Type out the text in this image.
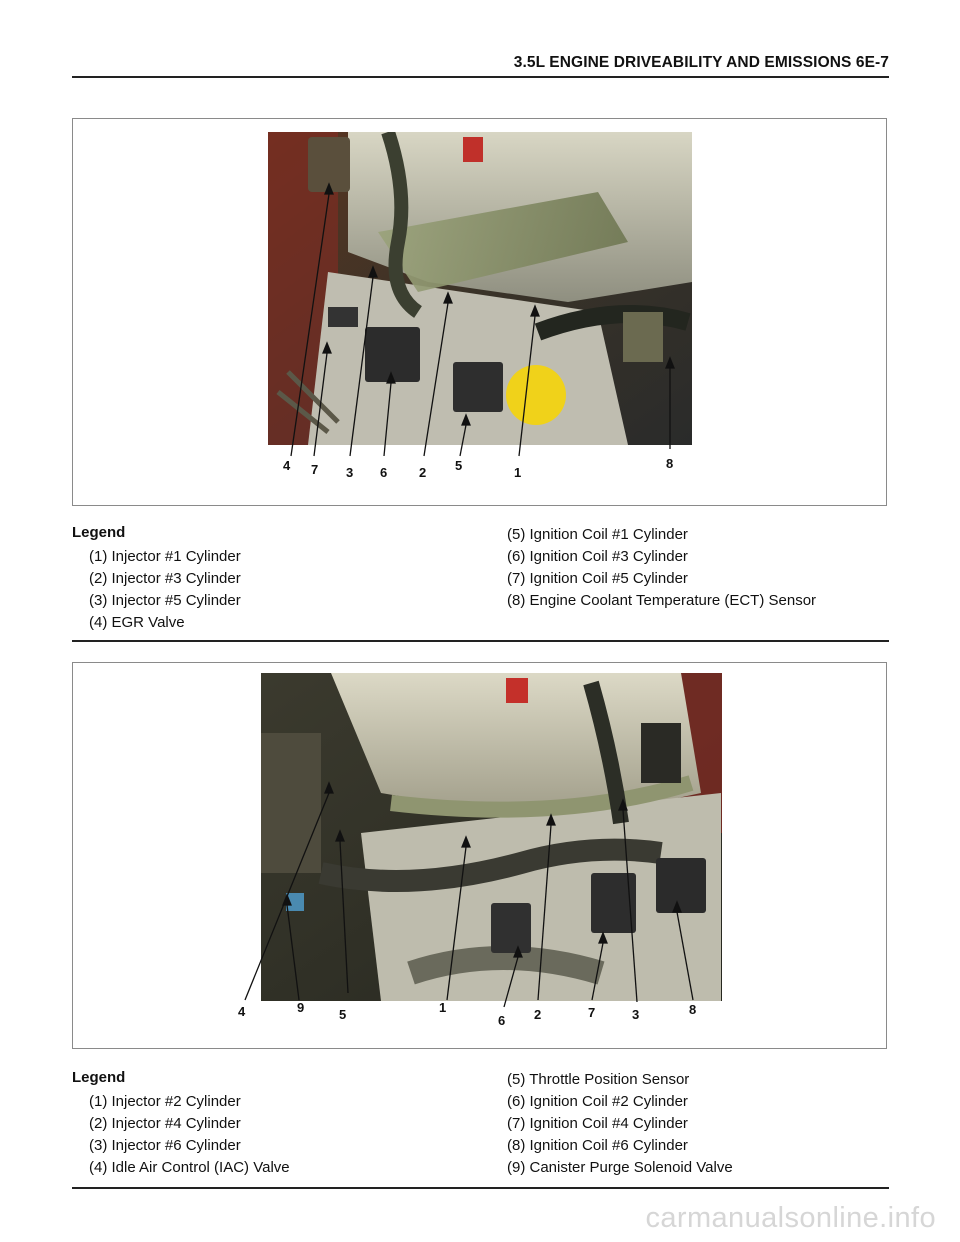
3.5L ENGINE DRIVEABILITY AND EMISSIONS 6E-7
4 7 3 6 2 5	1
8
Legend
(1) Injector #1 Cylinder
(2) Injector #3 Cylinder
(3) Injector #5 Cylinder
(4) EGR Valve
(5) Ignition Coil #1 Cylinder
(6) Ignition Coil #3 Cylinder
(7) Ignition Coil #5 Cylinder
(8) Engine Coolant Temperature (ECT) Sensor
4	9	5	1
6 2	7	3	8
Legend
(1) Injector #2 Cylinder
(2) Injector #4 Cylinder
(3) Injector #6 Cylinder
(4) Idle Air Control (IAC) Valve
(5) Throttle Position Sensor
(6) Ignition Coil #2 Cylinder
(7) Ignition Coil #4 Cylinder
(8) Ignition Coil #6 Cylinder
(9) Canister Purge Solenoid Valve
carmanualsonline.info
